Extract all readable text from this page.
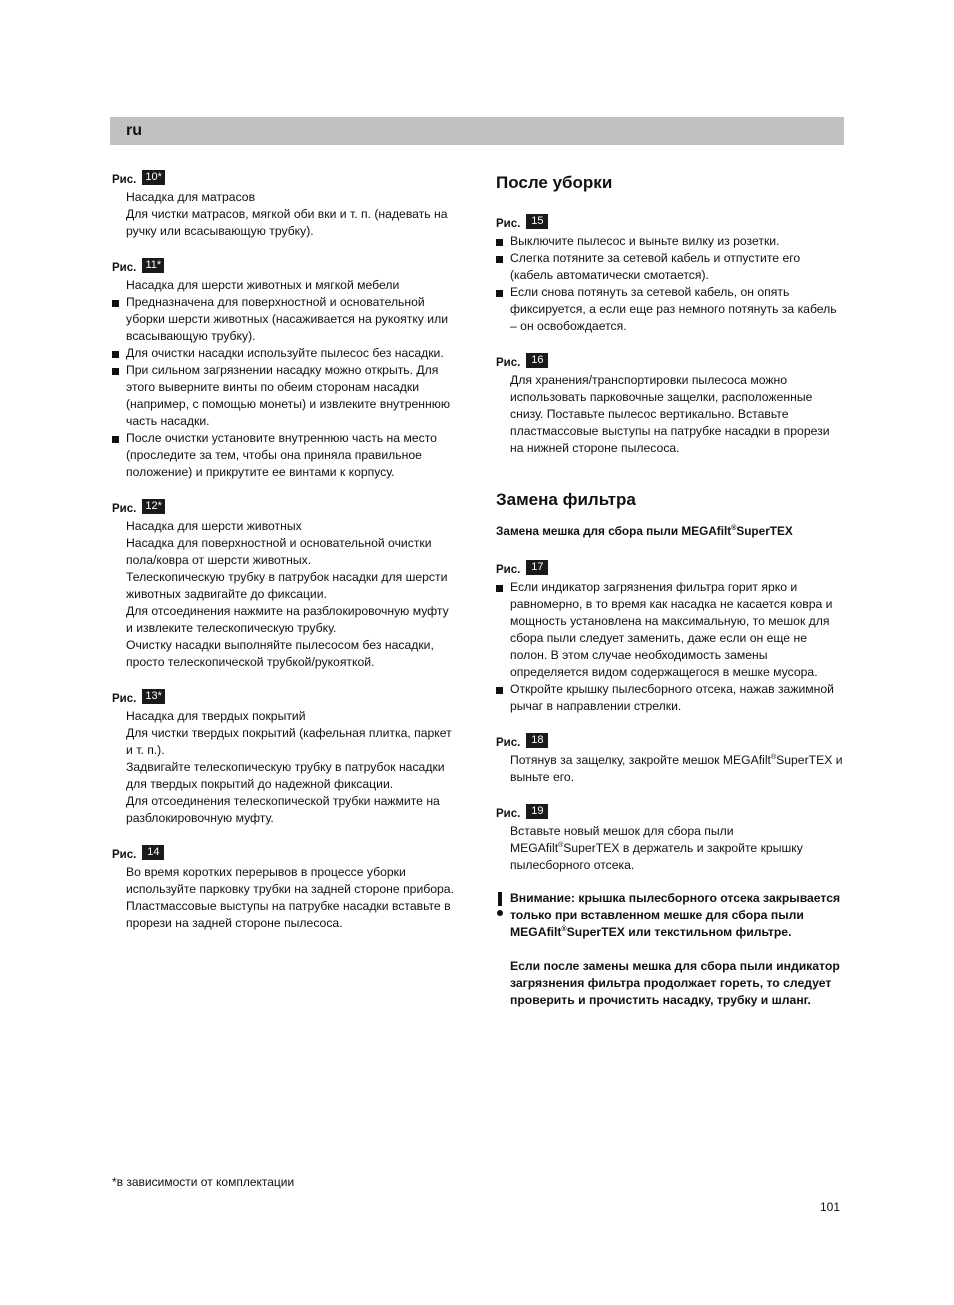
ru
Рис. 10*

Насадка для матрасов

Для чистки матрасов, мягкой оби вки и т. п. (надевать на ручку или всасывающую трубку).

Рис. 11*

Насадка для шерсти животных и мягкой мебели

Предназначена для поверхностной и основательной уборки шерсти животных (насаживается на рукоятку или всасывающую трубку).
Для очистки насадки используйте пылесос без насадки.
При сильном загрязнении насадку можно открыть. Для этого выверните винты по обеим сторонам насадки (например, с помощью монеты) и извлеките внутреннюю часть насадки.
После очистки установите внутреннюю часть на место (проследите за тем, чтобы она приняла правильное положение) и прикрутите ее винтами к корпусу.
Рис. 12*

Насадка для шерсти животных

Насадка для поверхностной и основательной очистки пола/ковра от шерсти животных.

Телескопическую трубку в патрубок насадки для шерсти животных задвигайте до фиксации.

Для отсоединения нажмите на разблокировочную муфту и извлеките телескопическую трубку.

Очистку насадки выполняйте пылесосом без насадки, просто телескопической трубкой/рукояткой.

Рис. 13*

Насадка для твердых покрытий

Для чистки твердых покрытий (кафельная плитка, паркет и т. п.).

Задвигайте телескопическую трубку в патрубок насадки для твердых покрытий до надежной фиксации.

Для отсоединения телескопической трубки нажмите на разблокировочную муфту.

Рис. 14

Во время коротких перерывов в процессе уборки используйте парковку трубки на задней стороне прибора.

Пластмассовые выступы на патрубке насадки вставьте в прорези на задней стороне пылесоса.

После уборки
Рис. 15
Выключите пылесос и выньте вилку из розетки.
Слегка потяните за сетевой кабель и отпустите его (кабель автоматически смотается).
Если снова потянуть за сетевой кабель, он опять фиксируется, а если еще раз немного потянуть за кабель – он освобождается.
Рис. 16

Для хранения/транспортировки пылесоса можно использовать парковочные защелки, расположенные снизу. Поставьте пылесос вертикально. Вставьте пластмассовые выступы на патрубке насадки в прорези на нижней стороне пылесоса.

Замена фильтра
Замена мешка для сбора пыли MEGAfilt®SuperTEX
Рис. 17
Если индикатор загрязнения фильтра горит ярко и равномерно, в то время как насадка не касается ковра и мощность установлена на максимальную, то мешок для сбора пыли следует заменить, даже если он еще не полон. В этом случае необходимость замены определяется видом содержащегося в мешке мусора.
Откройте крышку пылесборного отсека, нажав зажимной рычаг в направлении стрелки.
Рис. 18

Потянув за защелку, закройте мешок MEGAfilt®SuperTEX и выньте его.

Рис. 19

Вставьте новый мешок для сбора пыли MEGAfilt®SuperTEX в держатель и закройте крышку пылесборного отсека.

Внимание: крышка пылесборного отсека закрывается только при вставленном мешке для сбора пыли MEGAfilt®SuperTEX или текстильном фильтре.

Если после замены мешка для сбора пыли индикатор загрязнения фильтра продолжает гореть, то следует проверить и прочистить насадку, трубку и шланг.

*в зависимости от комплектации
101
